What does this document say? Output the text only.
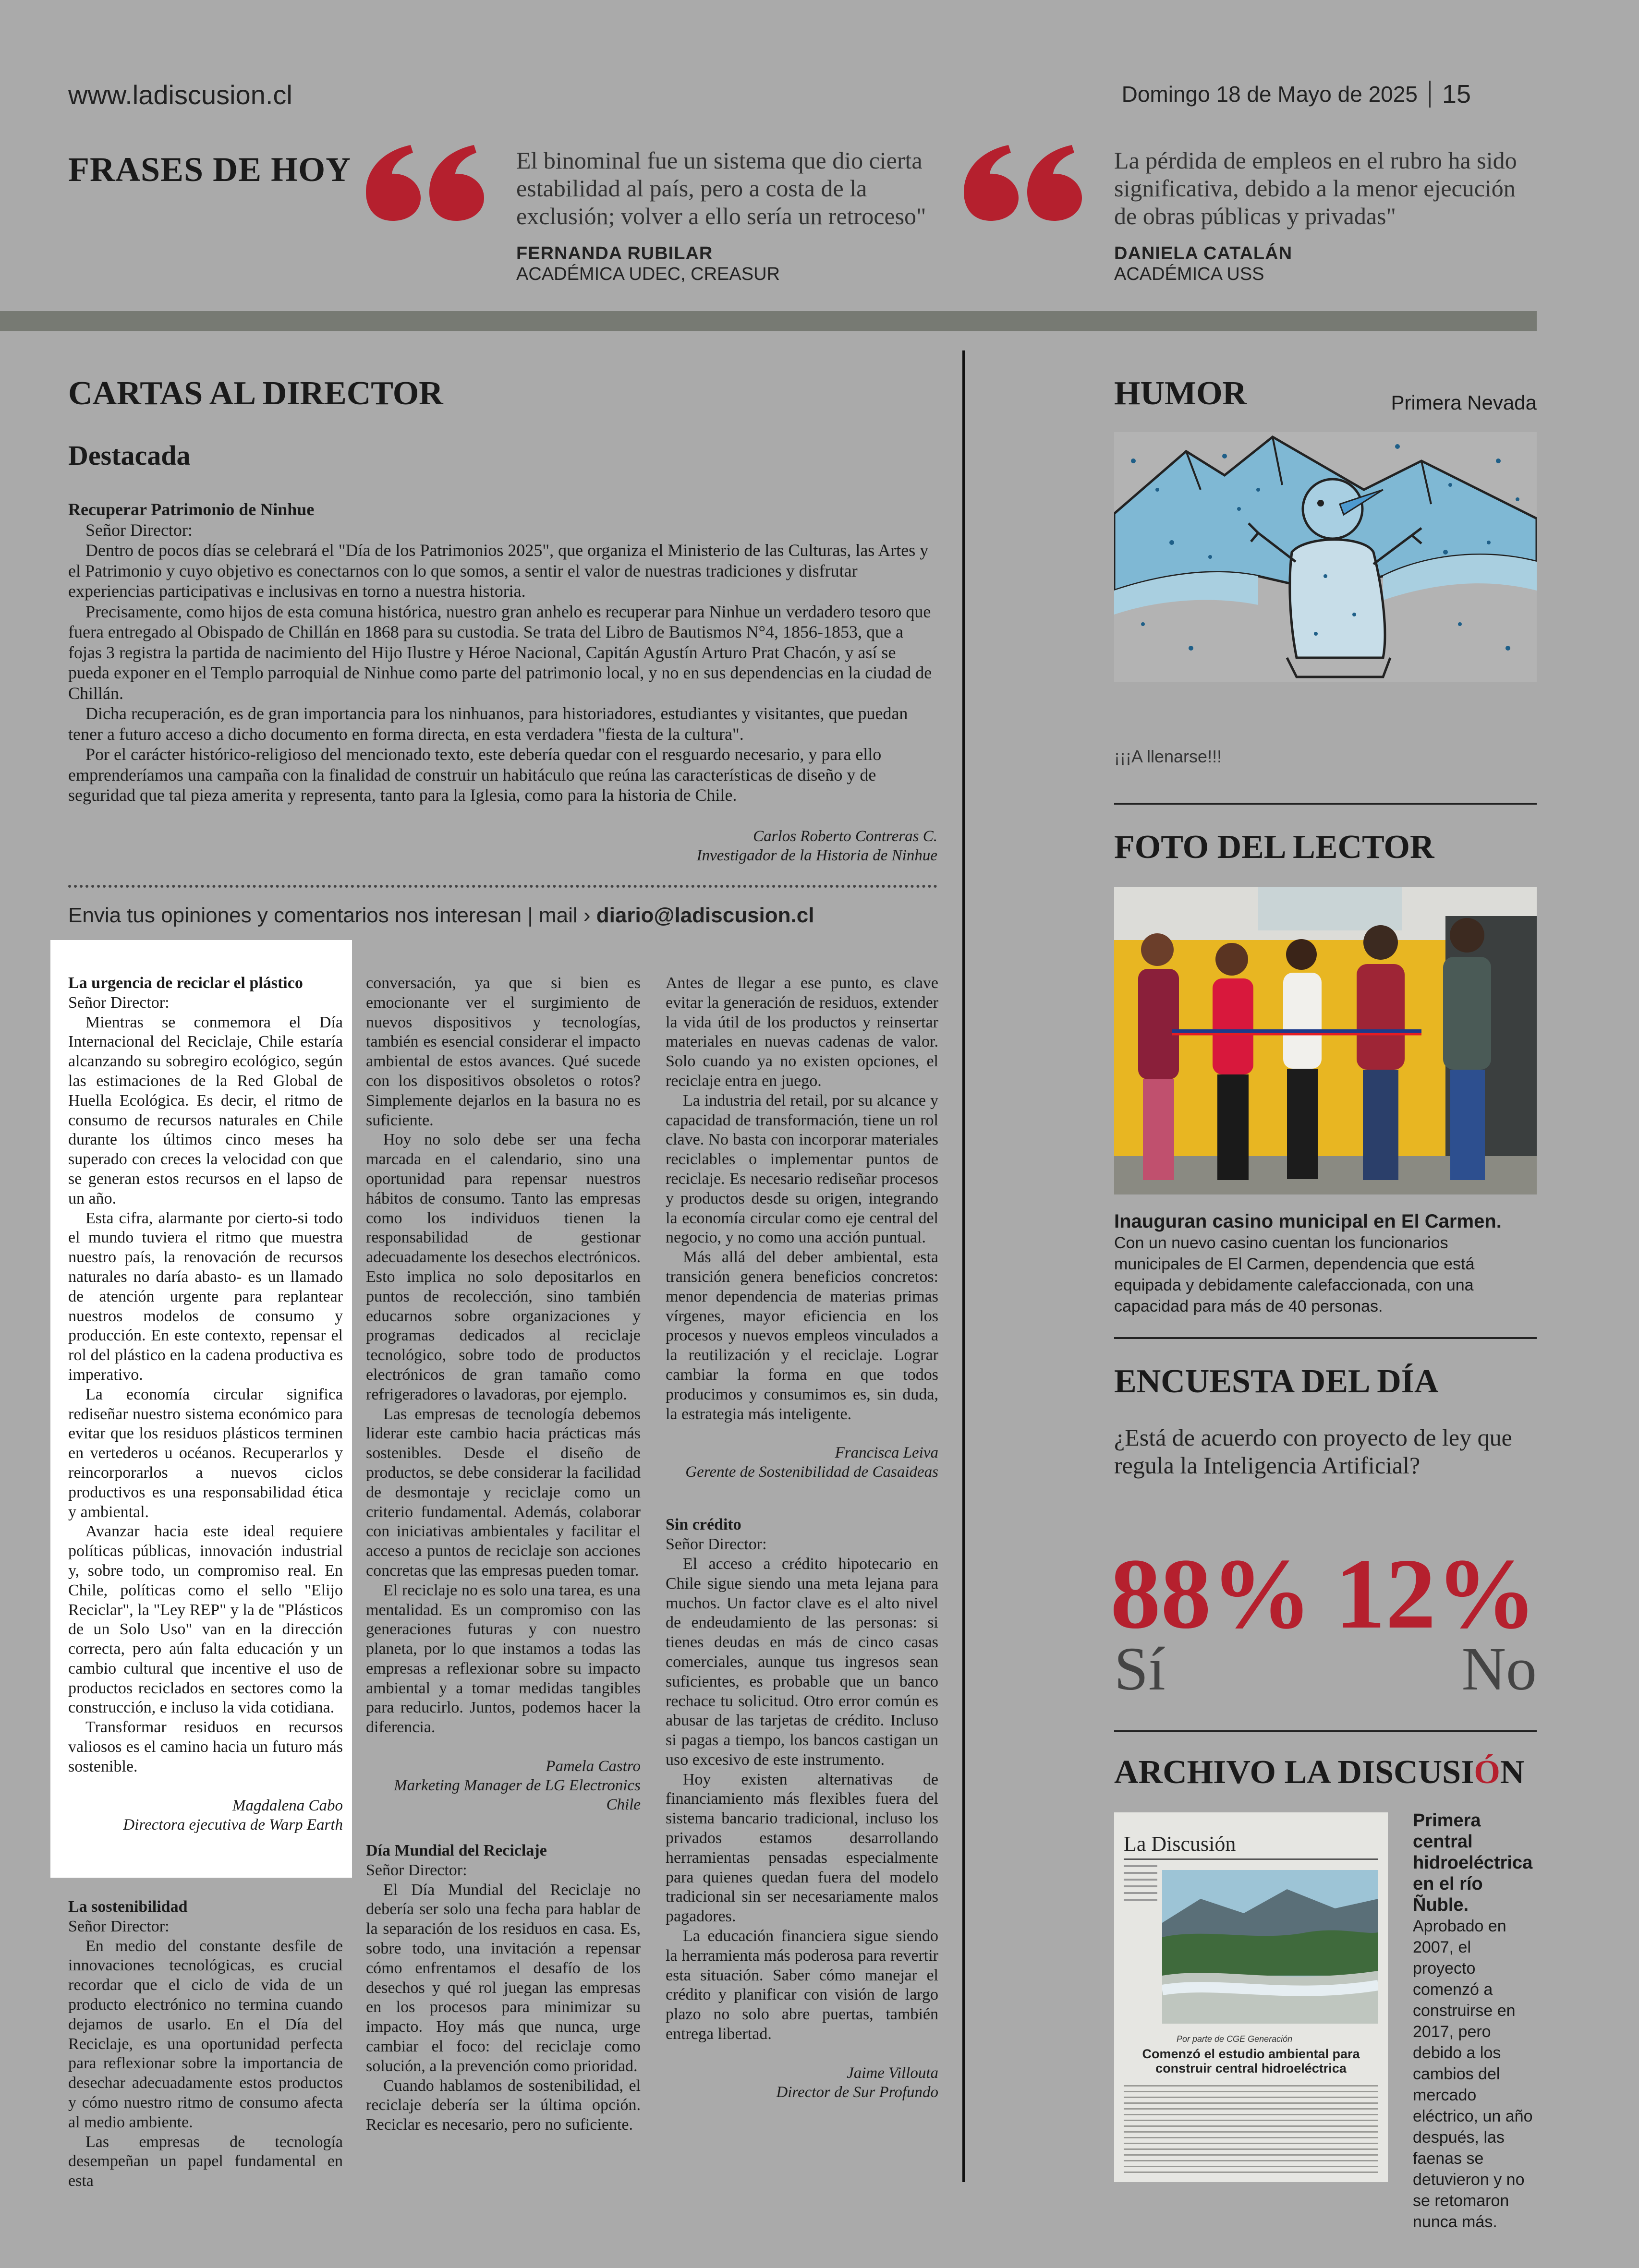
www.ladiscusion.cl	Domingo 18 de Mayo de 2025 15
FRASES DE HOY	El binominal fue un sistema que dio cierta estabilidad al país, pero a costa de la exclusión; volver a ello sería un retroceso"
FERNANDA RUBILAR
ACADÉMICA UDEC, CREASUR
La pérdida de empleos en el rubro ha sido significativa, debido a la menor ejecución de obras públicas y privadas"
DANIELA CATALÁN
ACADÉMICA USS
CARTAS AL DIRECTOR
Destacada
Recuperar Patrimonio de Ninhue
Señor Director:

Dentro de pocos días se celebrará el "Día de los Patrimonios 2025", que organiza el Ministerio de las Culturas, las Artes y el Patrimonio y cuyo objetivo es conectarnos con lo que somos, a sentir el valor de nuestras tradiciones y disfrutar experiencias participativas e inclusivas en torno a nuestra historia.

Precisamente, como hijos de esta comuna histórica, nuestro gran anhelo es recuperar para Ninhue un verdadero tesoro que fuera entregado al Obispado de Chillán en 1868 para su custodia. Se trata del Libro de Bautismos N°4, 1856-1853, que a fojas 3 registra la partida de nacimiento del Hijo Ilustre y Héroe Nacional, Capitán Agustín Arturo Prat Chacón, y así se pueda exponer en el Templo parroquial de Ninhue como parte del patrimonio local, y no en sus dependencias en la ciudad de Chillán.

Dicha recuperación, es de gran importancia para los ninhuanos, para historiadores, estudiantes y visitantes, que puedan tener a futuro acceso a dicho documento en forma directa, en esta verdadera "fiesta de la cultura".

Por el carácter histórico-religioso del mencionado texto, este debería quedar con el resguardo necesario, y para ello emprenderíamos una campaña con la finalidad de construir un habitáculo que reúna las características de diseño y de seguridad que tal pieza amerita y representa, tanto para la Iglesia, como para la historia de Chile.

Carlos Roberto Contreras C.
Investigador de la Historia de Ninhue
Envia tus opiniones y comentarios nos interesan | mail › diario@ladiscusion.cl
La urgencia de reciclar el plástico
Señor Director:

Mientras se conmemora el Día Internacional del Reciclaje, Chile estaría alcanzando su sobregiro ecológico, según las estimaciones de la Red Global de Huella Ecológica. Es decir, el ritmo de consumo de recursos naturales en Chile durante los últimos cinco meses ha superado con creces la velocidad con que se generan estos recursos en el lapso de un año.

Esta cifra, alarmante por cierto-si todo el mundo tuviera el ritmo que muestra nuestro país, la renovación de recursos naturales no daría abasto- es un llamado de atención urgente para replantear nuestros modelos de consumo y producción. En este contexto, repensar el rol del plástico en la cadena productiva es imperativo.

La economía circular significa rediseñar nuestro sistema económico para evitar que los residuos plásticos terminen en vertederos u océanos. Recuperarlos y reincorporarlos a nuevos ciclos productivos es una responsabilidad ética y ambiental.

Avanzar hacia este ideal requiere políticas públicas, innovación industrial y, sobre todo, un compromiso real. En Chile, políticas como el sello "Elijo Reciclar", la "Ley REP" y la de "Plásticos de un Solo Uso" van en la dirección correcta, pero aún falta educación y un cambio cultural que incentive el uso de productos reciclados en sectores como la construcción, e incluso la vida cotidiana.

Transformar residuos en recursos valiosos es el camino hacia un futuro más sostenible.

Magdalena Cabo
Directora ejecutiva de Warp Earth
La sostenibilidad
Señor Director:

En medio del constante desfile de innovaciones tecnológicas, es crucial recordar que el ciclo de vida de un producto electrónico no termina cuando dejamos de usarlo. En el Día del Reciclaje, es una oportunidad perfecta para reflexionar sobre la importancia de desechar adecuadamente estos productos y cómo nuestro ritmo de consumo afecta al medio ambiente.

Las empresas de tecnología desempeñan un papel fundamental en esta

conversación, ya que si bien es emocionante ver el surgimiento de nuevos dispositivos y tecnologías, también es esencial considerar el impacto ambiental de estos avances. Qué sucede con los dispositivos obsoletos o rotos? Simplemente dejarlos en la basura no es suficiente.

Hoy no solo debe ser una fecha marcada en el calendario, sino una oportunidad para repensar nuestros hábitos de consumo. Tanto las empresas como los individuos tienen la responsabilidad de gestionar adecuadamente los desechos electrónicos. Esto implica no solo depositarlos en puntos de recolección, sino también educarnos sobre organizaciones y programas dedicados al reciclaje tecnológico, sobre todo de productos electrónicos de gran tamaño como refrigeradores o lavadoras, por ejemplo.

Las empresas de tecnología debemos liderar este cambio hacia prácticas más sostenibles. Desde el diseño de productos, se debe considerar la facilidad de desmontaje y reciclaje como un criterio fundamental. Además, colaborar con iniciativas ambientales y facilitar el acceso a puntos de reciclaje son acciones concretas que las empresas pueden tomar.

El reciclaje no es solo una tarea, es una mentalidad. Es un compromiso con las generaciones futuras y con nuestro planeta, por lo que instamos a todas las empresas a reflexionar sobre su impacto ambiental y a tomar medidas tangibles para reducirlo. Juntos, podemos hacer la diferencia.

Pamela Castro
Marketing Manager de LG Electronics Chile
Día Mundial del Reciclaje
Señor Director:

El Día Mundial del Reciclaje no debería ser solo una fecha para hablar de la separación de los residuos en casa. Es, sobre todo, una invitación a repensar cómo enfrentamos el desafío de los desechos y qué rol juegan las empresas en los procesos para minimizar su impacto. Hoy más que nunca, urge cambiar el foco: del reciclaje como solución, a la prevención como prioridad.

Cuando hablamos de sostenibilidad, el reciclaje debería ser la última opción. Reciclar es necesario, pero no suficiente.

Antes de llegar a ese punto, es clave evitar la generación de residuos, extender la vida útil de los productos y reinsertar materiales en nuevas cadenas de valor. Solo cuando ya no existen opciones, el reciclaje entra en juego.

La industria del retail, por su alcance y capacidad de transformación, tiene un rol clave. No basta con incorporar materiales reciclables o implementar puntos de reciclaje. Es necesario rediseñar procesos y productos desde su origen, integrando la economía circular como eje central del negocio, y no como una acción puntual.

Más allá del deber ambiental, esta transición genera beneficios concretos: menor dependencia de materias primas vírgenes, mayor eficiencia en los procesos y nuevos empleos vinculados a la reutilización y el reciclaje. Lograr cambiar la forma en que todos producimos y consumimos es, sin duda, la estrategia más inteligente.

Francisca Leiva
Gerente de Sostenibilidad de Casaideas
Sin crédito
Señor Director:

El acceso a crédito hipotecario en Chile sigue siendo una meta lejana para muchos. Un factor clave es el alto nivel de endeudamiento de las personas: si tienes deudas en más de cinco casas comerciales, aunque tus ingresos sean suficientes, es probable que un banco rechace tu solicitud. Otro error común es abusar de las tarjetas de crédito. Incluso si pagas a tiempo, los bancos castigan un uso excesivo de este instrumento.

Hoy existen alternativas de financiamiento más flexibles fuera del sistema bancario tradicional, incluso los privados estamos desarrollando herramientas pensadas especialmente para quienes quedan fuera del modelo tradicional sin ser necesariamente malos pagadores.

La educación financiera sigue siendo la herramienta más poderosa para revertir esta situación. Saber cómo manejar el crédito y planificar con visión de largo plazo no solo abre puertas, también entrega libertad.

Jaime Villouta
Director de Sur Profundo
HUMOR	Primera Nevada
¡¡¡A llenarse!!!
FOTO DEL LECTOR
Inauguran casino municipal en El Carmen.
Con un nuevo casino cuentan los funcionarios municipales de El Carmen, dependencia que está equipada y debidamente calefaccionada, con una capacidad para más de 40 personas.
ENCUESTA DEL DÍA
¿Está de acuerdo con proyecto de ley que regula la Inteligencia Artificial?
88%
Sí
12%
No
ARCHIVO LA DISCUSIÓN
La Discusión
Por parte de CGE Generación
Comenzó el estudio ambiental para construir central hidroeléctrica
Primera central hidroeléctrica en el río Ñuble.
Aprobado en 2007, el proyecto comenzó a construirse en 2017, pero debido a los cambios del mercado eléctrico, un año después, las faenas se detuvieron y no se retomaron nunca más.
